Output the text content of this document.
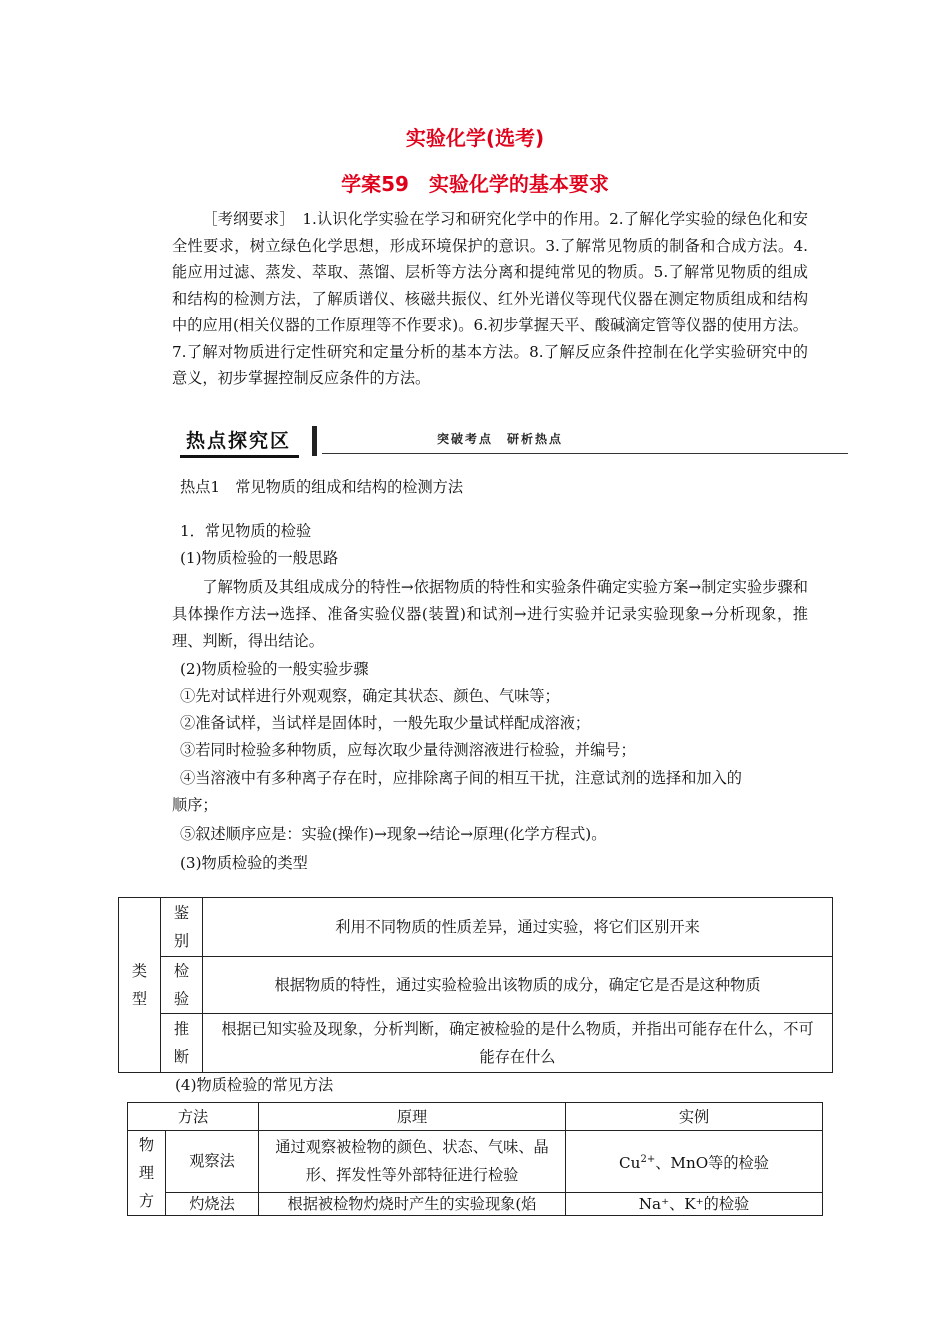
实验化学(选考)
学案59　实验化学的基本要求
［考纲要求］　1.认识化学实验在学习和研究化学中的作用。2.了解化学实验的绿色化和安全性要求，树立绿色化学思想，形成环境保护的意识。3.了解常见物质的制备和合成方法。4.能应用过滤、蒸发、萃取、蒸馏、层析等方法分离和提纯常见的物质。5.了解常见物质的组成和结构的检测方法，了解质谱仪、核磁共振仪、红外光谱仪等现代仪器在测定物质组成和结构中的应用(相关仪器的工作原理等不作要求)。6.初步掌握天平、酸碱滴定管等仪器的使用方法。7.了解对物质进行定性研究和定量分析的基本方法。8.了解反应条件控制在化学实验研究中的意义，初步掌握控制反应条件的方法。
热点探究区	突破考点　研析热点
热点1　常见物质的组成和结构的检测方法
1．常见物质的检验
(1)物质检验的一般思路
了解物质及其组成成分的特性→依据物质的特性和实验条件确定实验方案→制定实验步骤和具体操作方法→选择、准备实验仪器(装置)和试剂→进行实验并记录实验现象→分析现象，推理、判断，得出结论。
(2)物质检验的一般实验步骤
①先对试样进行外观观察，确定其状态、颜色、气味等；
②准备试样，当试样是固体时，一般先取少量试样配成溶液；
③若同时检验多种物质，应每次取少量待测溶液进行检验，并编号；
④当溶液中有多种离子存在时，应排除离子间的相互干扰，注意试剂的选择和加入的
顺序；
⑤叙述顺序应是：实验(操作)→现象→结论→原理(化学方程式)。
(3)物质检验的类型
类型	鉴别	利用不同物质的性质差异，通过实验，将它们区别开来
	检验	根据物质的特性，通过实验检验出该物质的成分，确定它是否是这种物质
	推断	根据已知实验及现象，分析判断，确定被检验的是什么物质，并指出可能存在什么，不可能存在什么
(4)物质检验的常见方法
方法		原理	实例
物理方	观察法	通过观察被检物的颜色、状态、气味、晶形、挥发性等外部特征进行检验	$Cu^{2+}$、MnO等的检验
	灼烧法	根据被检物灼烧时产生的实验现象(焰	Na⁺、K⁺的检验
